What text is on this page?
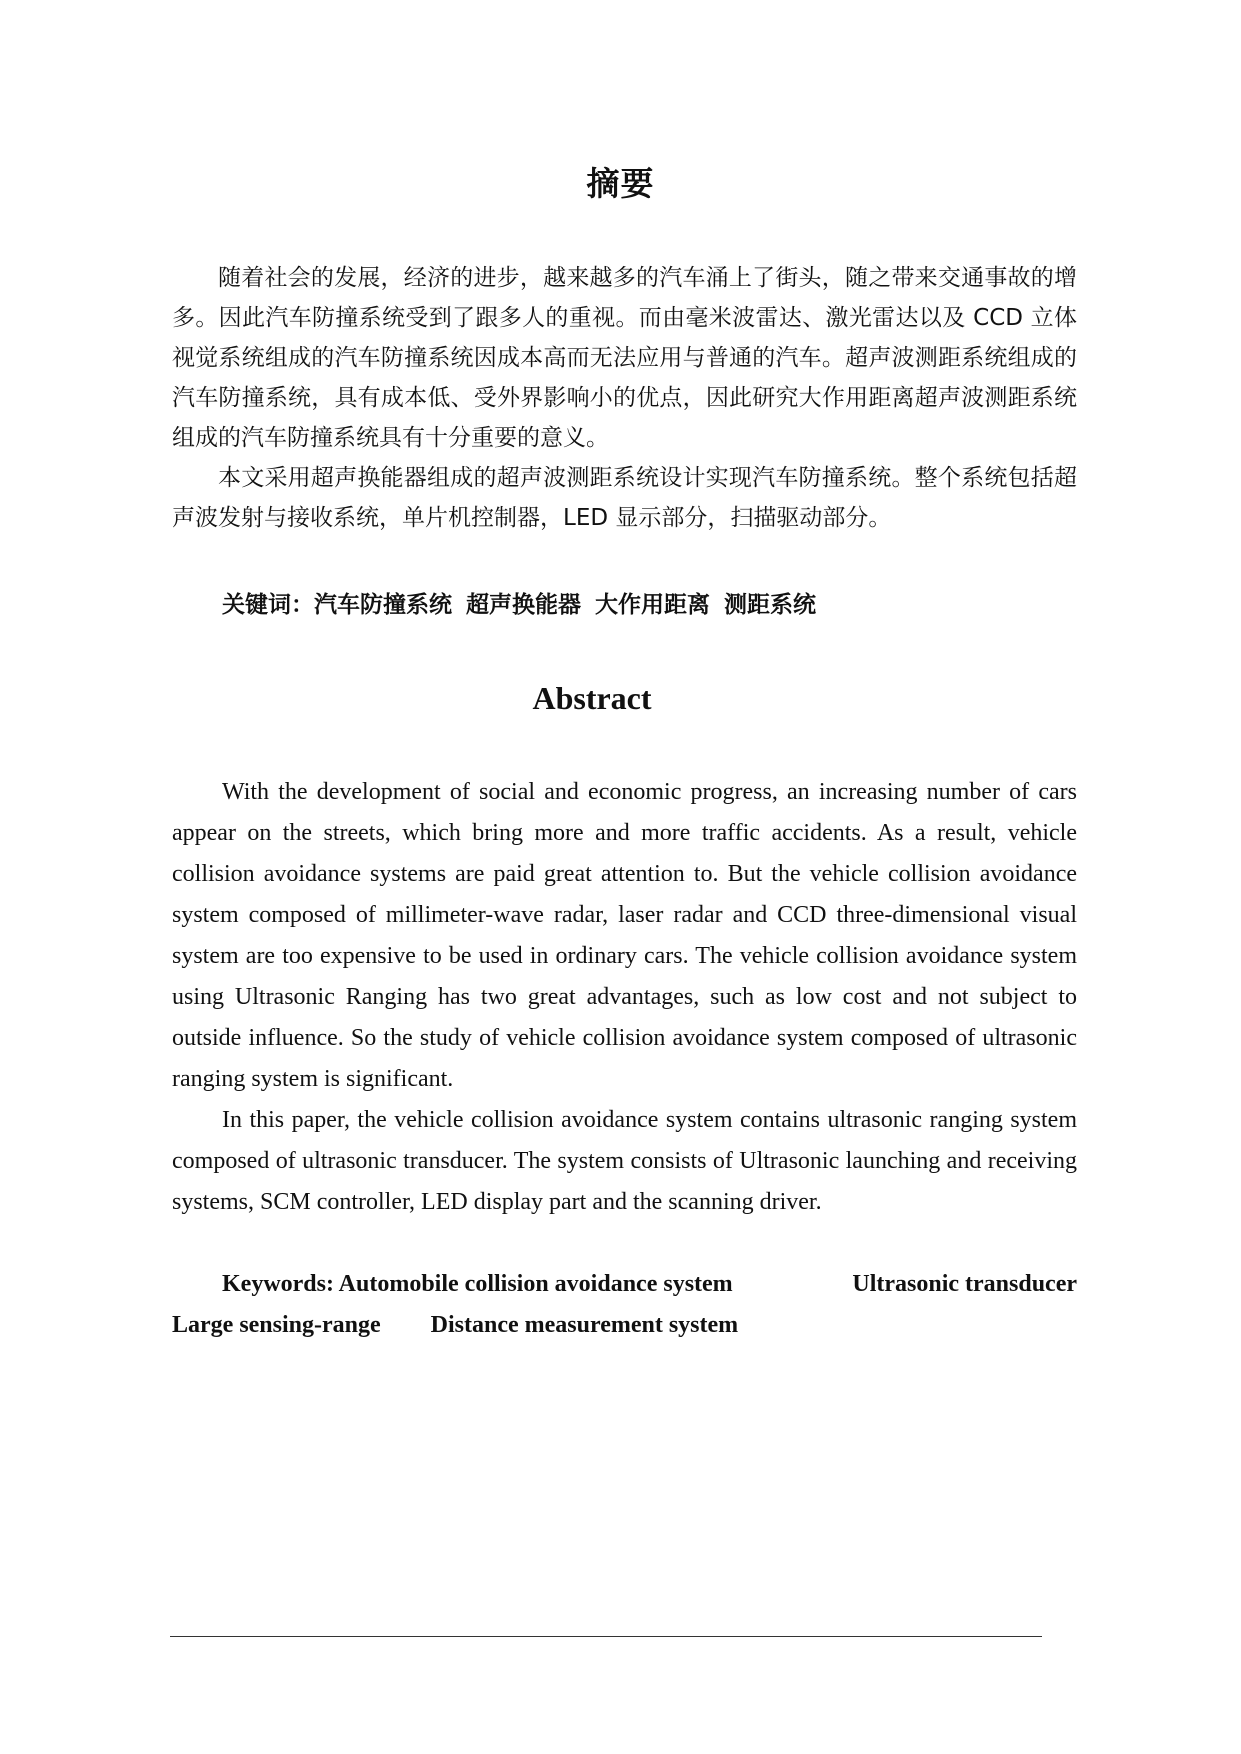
摘要

随着社会的发展，经济的进步，越来越多的汽车涌上了街头，随之带来交通事故的增多。因此汽车防撞系统受到了跟多人的重视。而由毫米波雷达、激光雷达以及 CCD 立体视觉系统组成的汽车防撞系统因成本高而无法应用与普通的汽车。超声波测距系统组成的汽车防撞系统，具有成本低、受外界影响小的优点，因此研究大作用距离超声波测距系统组成的汽车防撞系统具有十分重要的意义。

本文采用超声换能器组成的超声波测距系统设计实现汽车防撞系统。整个系统包括超声波发射与接收系统，单片机控制器，LED 显示部分，扫描驱动部分。

关键词：汽车防撞系统 超声换能器 大作用距离 测距系统
Abstract

With the development of social and economic progress, an increasing number of cars appear on the streets, which bring more and more traffic accidents. As a result, vehicle collision avoidance systems are paid great attention to. But the vehicle collision avoidance system composed of millimeter-wave radar, laser radar and CCD three-dimensional visual system are too expensive to be used in ordinary cars. The vehicle collision avoidance system using Ultrasonic Ranging has two great advantages, such as low cost and not subject to outside influence. So the study of vehicle collision avoidance system composed of ultrasonic ranging system is significant.

In this paper, the vehicle collision avoidance system contains ultrasonic ranging system composed of ultrasonic transducer. The system consists of Ultrasonic launching and receiving systems, SCM controller, LED display part and the scanning driver.

Keywords: Automobile collision avoidance system	Ultrasonic transducer
Large sensing-range Distance measurement system
